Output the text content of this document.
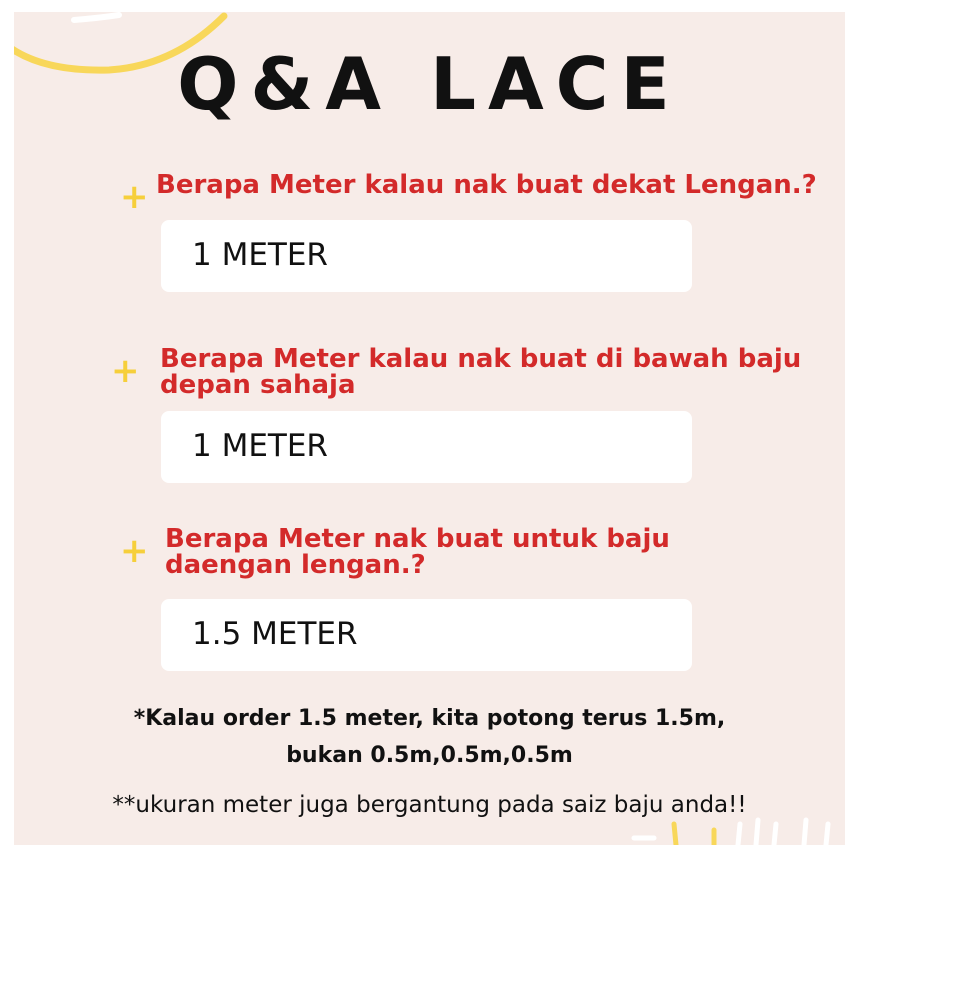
Q&A LACE
+ Berapa Meter kalau nak buat dekat Lengan.?
1 METER
+ Berapa Meter kalau nak buat di bawah baju
depan sahaja
1 METER
+ Berapa Meter nak buat untuk baju
daengan lengan.?
1.5 METER
*Kalau order 1.5 meter, kita potong terus 1.5m,
bukan 0.5m,0.5m,0.5m
**ukuran meter juga bergantung pada saiz baju anda!!
